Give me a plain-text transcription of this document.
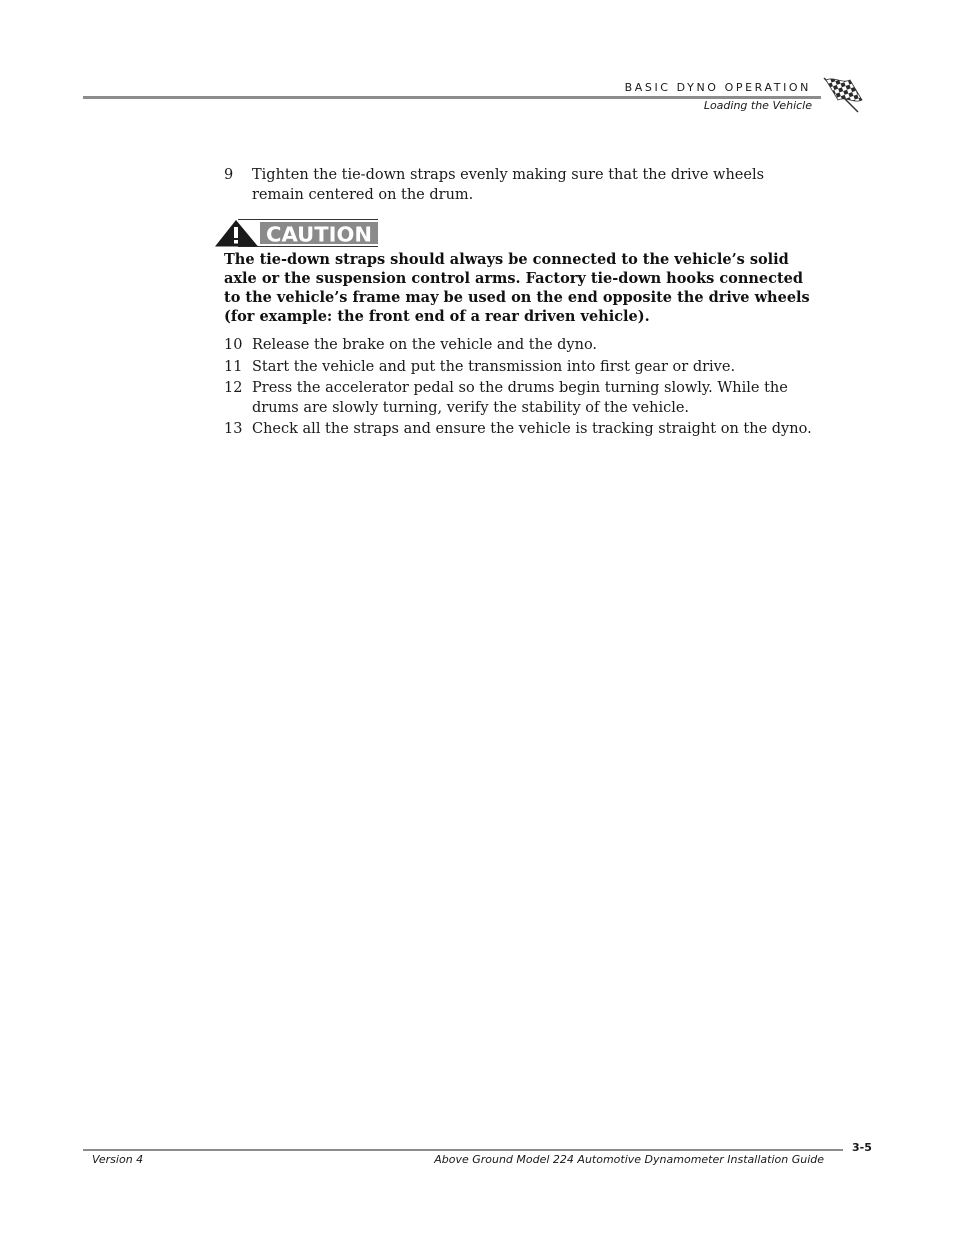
BASIC DYNO OPERATION
Loading the Vehicle
9 Tighten the tie-down straps evenly making sure that the drive wheels remain centered on the drum.
CAUTION
The tie-down straps should always be connected to the vehicle’s solid axle or the suspension control arms. Factory tie-down hooks connected to the vehicle’s frame may be used on the end opposite the drive wheels (for example: the front end of a rear driven vehicle).
10 Release the brake on the vehicle and the dyno.
11 Start the vehicle and put the transmission into first gear or drive.
12 Press the accelerator pedal so the drums begin turning slowly. While the drums are slowly turning, verify the stability of the vehicle.
13 Check all the straps and ensure the vehicle is tracking straight on the dyno.
3-5
Version 4	Above Ground Model 224 Automotive Dynamometer Installation Guide
